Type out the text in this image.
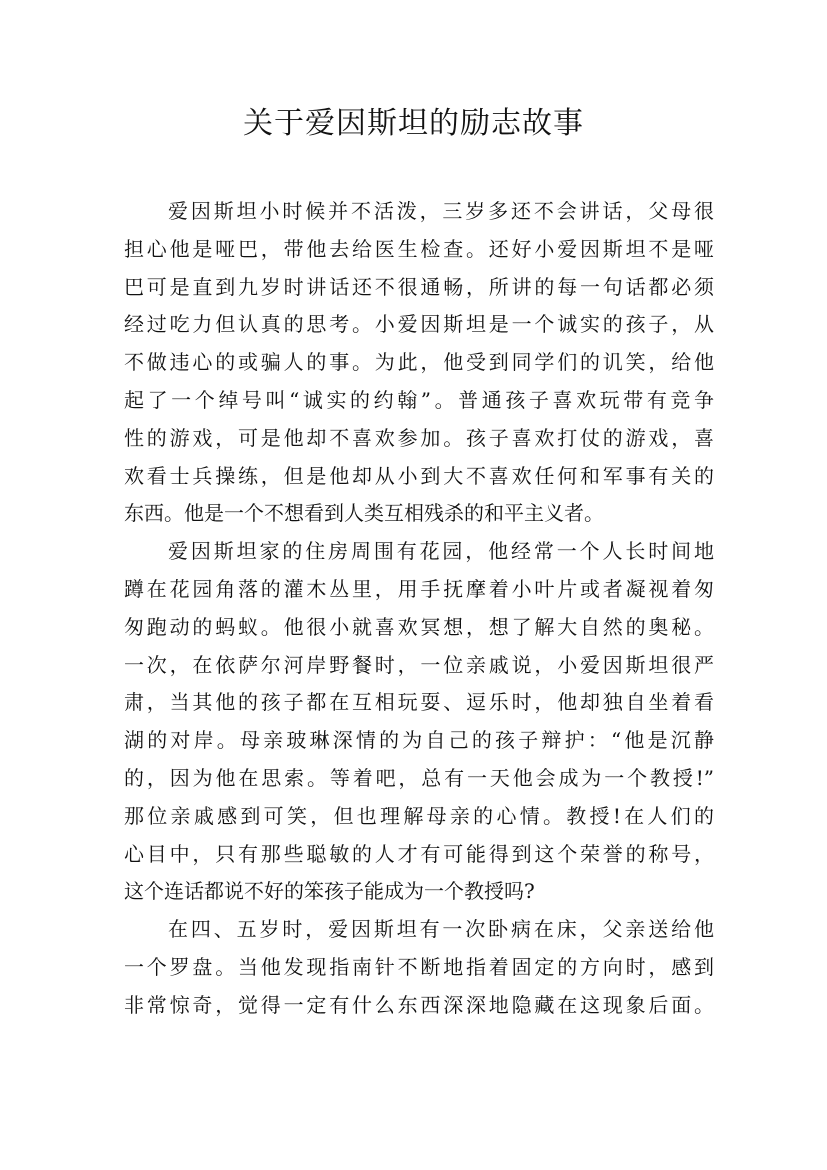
关于爱因斯坦的励志故事
爱因斯坦小时候并不活泼，三岁多还不会讲话，父母很
担心他是哑巴，带他去给医生检查。还好小爱因斯坦不是哑
巴可是直到九岁时讲话还不很通畅，所讲的每一句话都必须
经过吃力但认真的思考。小爱因斯坦是一个诚实的孩子，从
不做违心的或骗人的事。为此，他受到同学们的讥笑，给他
起了一个绰号叫“诚实的约翰”。普通孩子喜欢玩带有竞争
性的游戏，可是他却不喜欢参加。孩子喜欢打仗的游戏，喜
欢看士兵操练，但是他却从小到大不喜欢任何和军事有关的
东西。他是一个不想看到人类互相残杀的和平主义者。
爱因斯坦家的住房周围有花园，他经常一个人长时间地
蹲在花园角落的灌木丛里，用手抚摩着小叶片或者凝视着匆
匆跑动的蚂蚁。他很小就喜欢冥想，想了解大自然的奥秘。
一次，在依萨尔河岸野餐时，一位亲戚说，小爱因斯坦很严
肃，当其他的孩子都在互相玩耍、逗乐时，他却独自坐着看
湖的对岸。母亲玻琳深情的为自己的孩子辩护：“他是沉静
的，因为他在思索。等着吧，总有一天他会成为一个教授!”
那位亲戚感到可笑，但也理解母亲的心情。教授!在人们的
心目中，只有那些聪敏的人才有可能得到这个荣誉的称号，
这个连话都说不好的笨孩子能成为一个教授吗?
在四、五岁时，爱因斯坦有一次卧病在床，父亲送给他
一个罗盘。当他发现指南针不断地指着固定的方向时，感到
非常惊奇，觉得一定有什么东西深深地隐藏在这现象后面。
